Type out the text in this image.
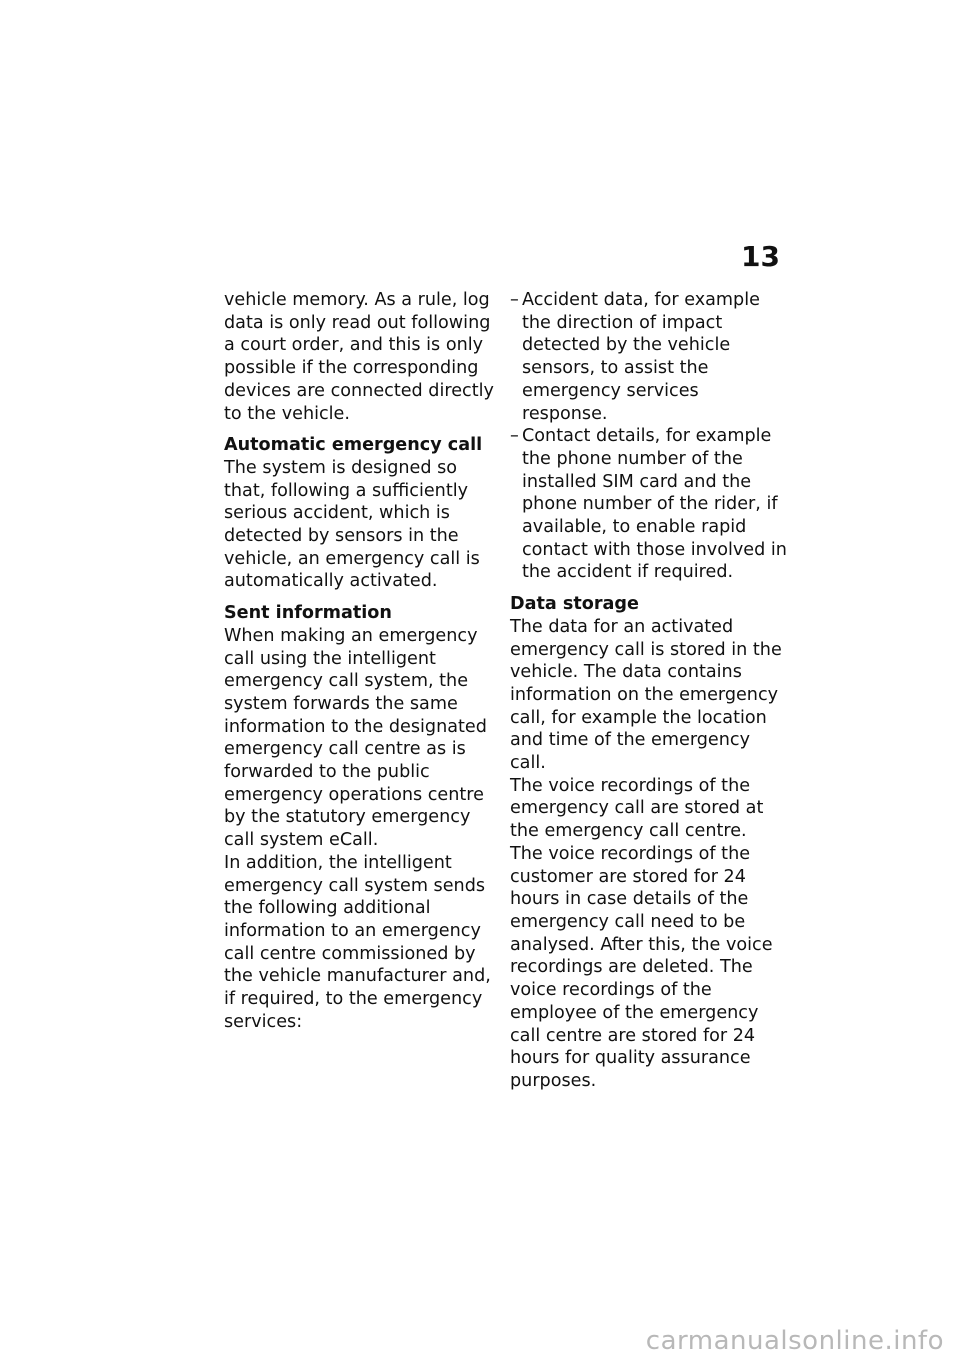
13

vehicle memory. As a rule, log data is only read out following a court order, and this is only possible if the corresponding devices are connected directly to the vehicle.

Automatic emergency call

The system is designed so that, following a sufficiently serious accident, which is detected by sensors in the vehicle, an emergency call is automatically activated.

Sent information

When making an emergency call using the intelligent emergency call system, the system forwards the same information to the designated emergency call centre as is forwarded to the public emergency operations centre by the statutory emergency call system eCall.

In addition, the intelligent emergency call system sends the following additional information to an emergency call centre commissioned by the vehicle manufacturer and, if required, to the emergency services:

– Accident data, for example the direction of impact detected by the vehicle sensors, to assist the emergency services response.
– Contact details, for example the phone number of the installed SIM card and the phone number of the rider, if available, to enable rapid contact with those involved in the accident if required.

Data storage

The data for an activated emergency call is stored in the vehicle. The data contains information on the emergency call, for example the location and time of the emergency call.

The voice recordings of the emergency call are stored at the emergency call centre.

The voice recordings of the customer are stored for 24 hours in case details of the emergency call need to be analysed. After this, the voice recordings are deleted. The voice recordings of the employee of the emergency call centre are stored for 24 hours for quality assurance purposes.

carmanualsonline.info
